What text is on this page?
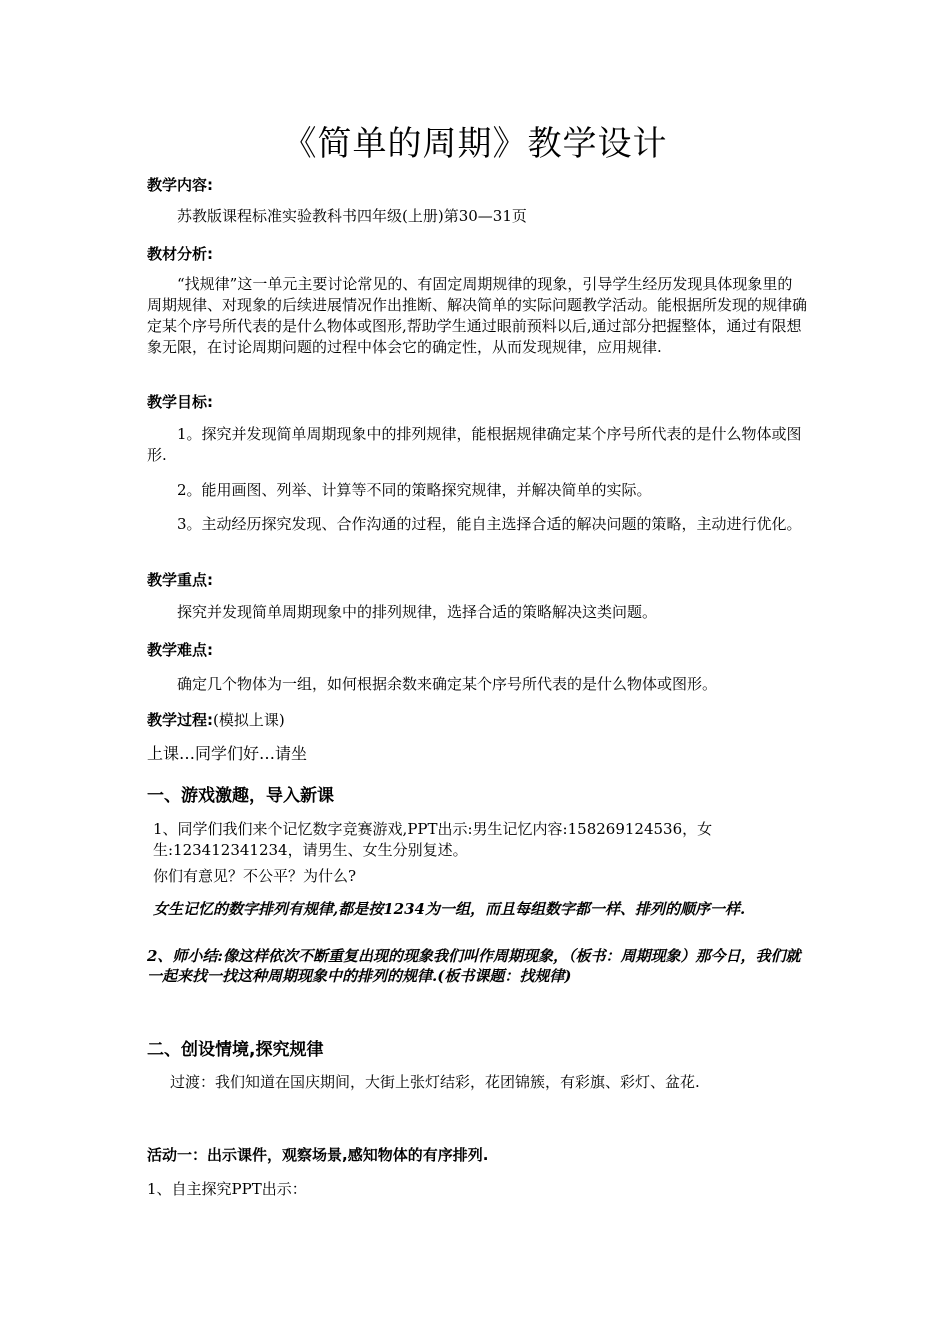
《简单的周期》教学设计
教学内容:
苏教版课程标准实验教科书四年级(上册)第30—31页
教材分析:
“找规律”这一单元主要讨论常见的、有固定周期规律的现象，引导学生经历发现具体现象里的周期规律、对现象的后续进展情况作出推断、解决简单的实际问题教学活动。能根据所发现的规律确定某个序号所代表的是什么物体或图形,帮助学生通过眼前预料以后,通过部分把握整体，通过有限想象无限，在讨论周期问题的过程中体会它的确定性，从而发现规律，应用规律.
教学目标:
1。探究并发现简单周期现象中的排列规律，能根据规律确定某个序号所代表的是什么物体或图形.
2。能用画图、列举、计算等不同的策略探究规律，并解决简单的实际。
3。主动经历探究发现、合作沟通的过程，能自主选择合适的解决问题的策略，主动进行优化。
教学重点:
探究并发现简单周期现象中的排列规律，选择合适的策略解决这类问题。
教学难点:
确定几个物体为一组，如何根据余数来确定某个序号所代表的是什么物体或图形。
教学过程:(模拟上课)
上课…同学们好…请坐
一、游戏激趣，导入新课
1、同学们我们来个记忆数字竞赛游戏,PPT出示:男生记忆内容:158269124536，女生:123412341234，请男生、女生分别复述。
你们有意见？不公平？为什么?
女生记忆的数字排列有规律,都是按1234为一组，而且每组数字都一样、排列的顺序一样.
2、师小结:像这样依次不断重复出现的现象我们叫作周期现象，（板书：周期现象）那今日，我们就一起来找一找这种周期现象中的排列的规律.(板书课题：找规律)
二、创设情境,探究规律
过渡：我们知道在国庆期间，大街上张灯结彩，花团锦簇，有彩旗、彩灯、盆花.
活动一：出示课件，观察场景,感知物体的有序排列.
1、自主探究PPT出示：
